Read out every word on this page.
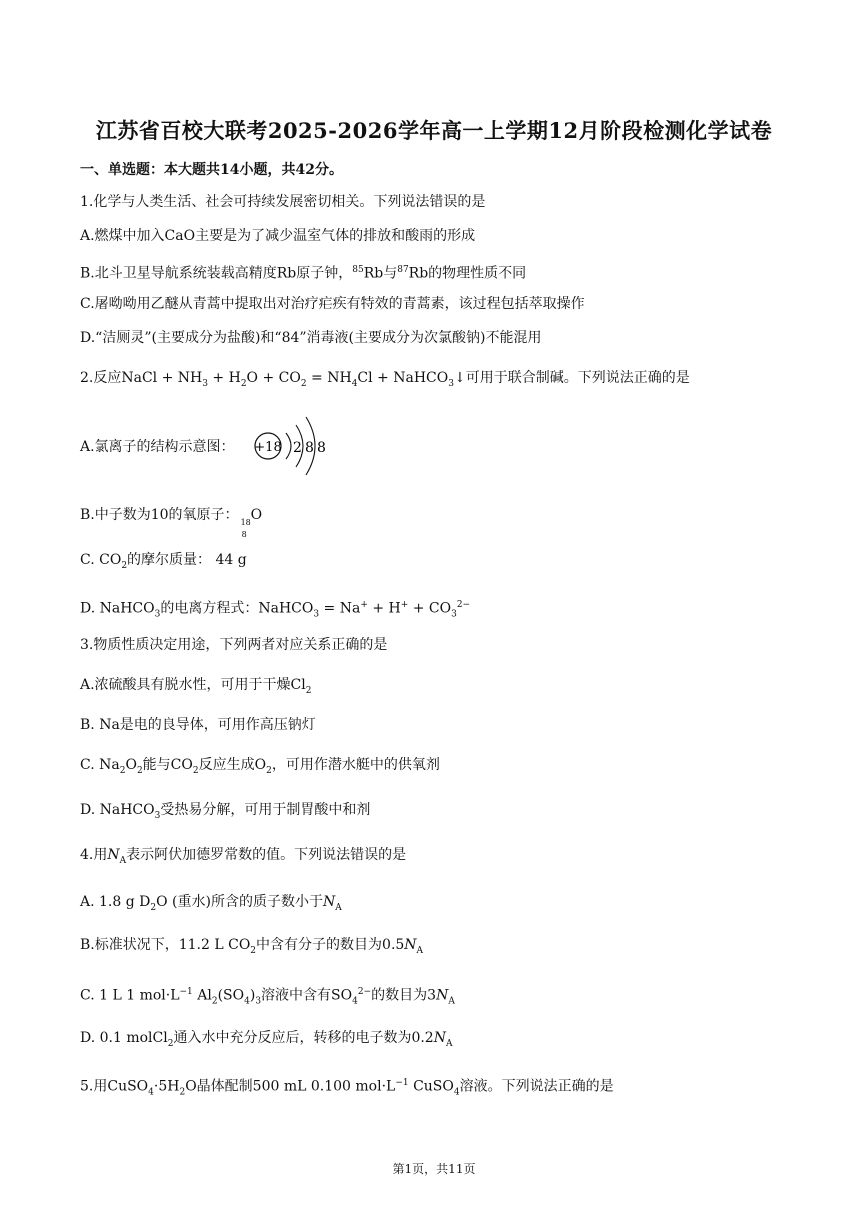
江苏省百校大联考2025-2026学年高一上学期12月阶段检测化学试卷
一、单选题：本大题共14小题，共42分。
1.化学与人类生活、社会可持续发展密切相关。下列说法错误的是
A.燃煤中加入CaO主要是为了减少温室气体的排放和酸雨的形成
B.北斗卫星导航系统装载高精度Rb原子钟，$^{85}$Rb与$^{87}$Rb的物理性质不同
C.屠呦呦用乙醚从青蒿中提取出对治疗疟疾有特效的青蒿素，该过程包括萃取操作
D.“洁厕灵”(主要成分为盐酸)和“84”消毒液(主要成分为次氯酸钠)不能混用
2.反应NaCl + $NH_3 + H_2O + CO_2 = NH_4Cl$ + NaHCO$_3$↓可用于联合制碱。下列说法正确的是
A.氯离子的结构示意图： +18 2 8 8
B.中子数为10的氧原子： 18
8
O
C. $CO_2$的摩尔质量： 44 g
D. NaHCO$_3$的电离方程式：NaHCO$_3$ = $Na^+ + H^+ + CO_3^{2-}$
3.物质性质决定用途，下列两者对应关系正确的是
A.浓硫酸具有脱水性，可用于干燥$Cl_2$
B. Na是电的良导体，可用作高压钠灯
C. $Na_2O_2$能与$CO_2$反应生成$O_2$，可用作潜水艇中的供氧剂
D. NaHCO$_3$受热易分解，可用于制胃酸中和剂
4.用$N_A$表示阿伏加德罗常数的值。下列说法错误的是
A. 1.8 g $D_2O$ (重水)所含的质子数小于$N_A$
B.标准状况下，11.2 L $CO_2$中含有分子的数目为$0.5N_A$
C. 1 L 1 $mol\cdot L^{-1}$ $Al_2(SO_4)_3$溶液中含有$SO_4^{2-}$的数目为$3N_A$
D. 0.1 molCl$_2$通入水中充分反应后，转移的电子数为$0.2N_A$
5.用$CuSO_4\cdot 5H_2O$晶体配制500 mL 0.100 $mol\cdot L^{-1}$ CuSO$_4$溶液。下列说法正确的是
第1页，共11页
